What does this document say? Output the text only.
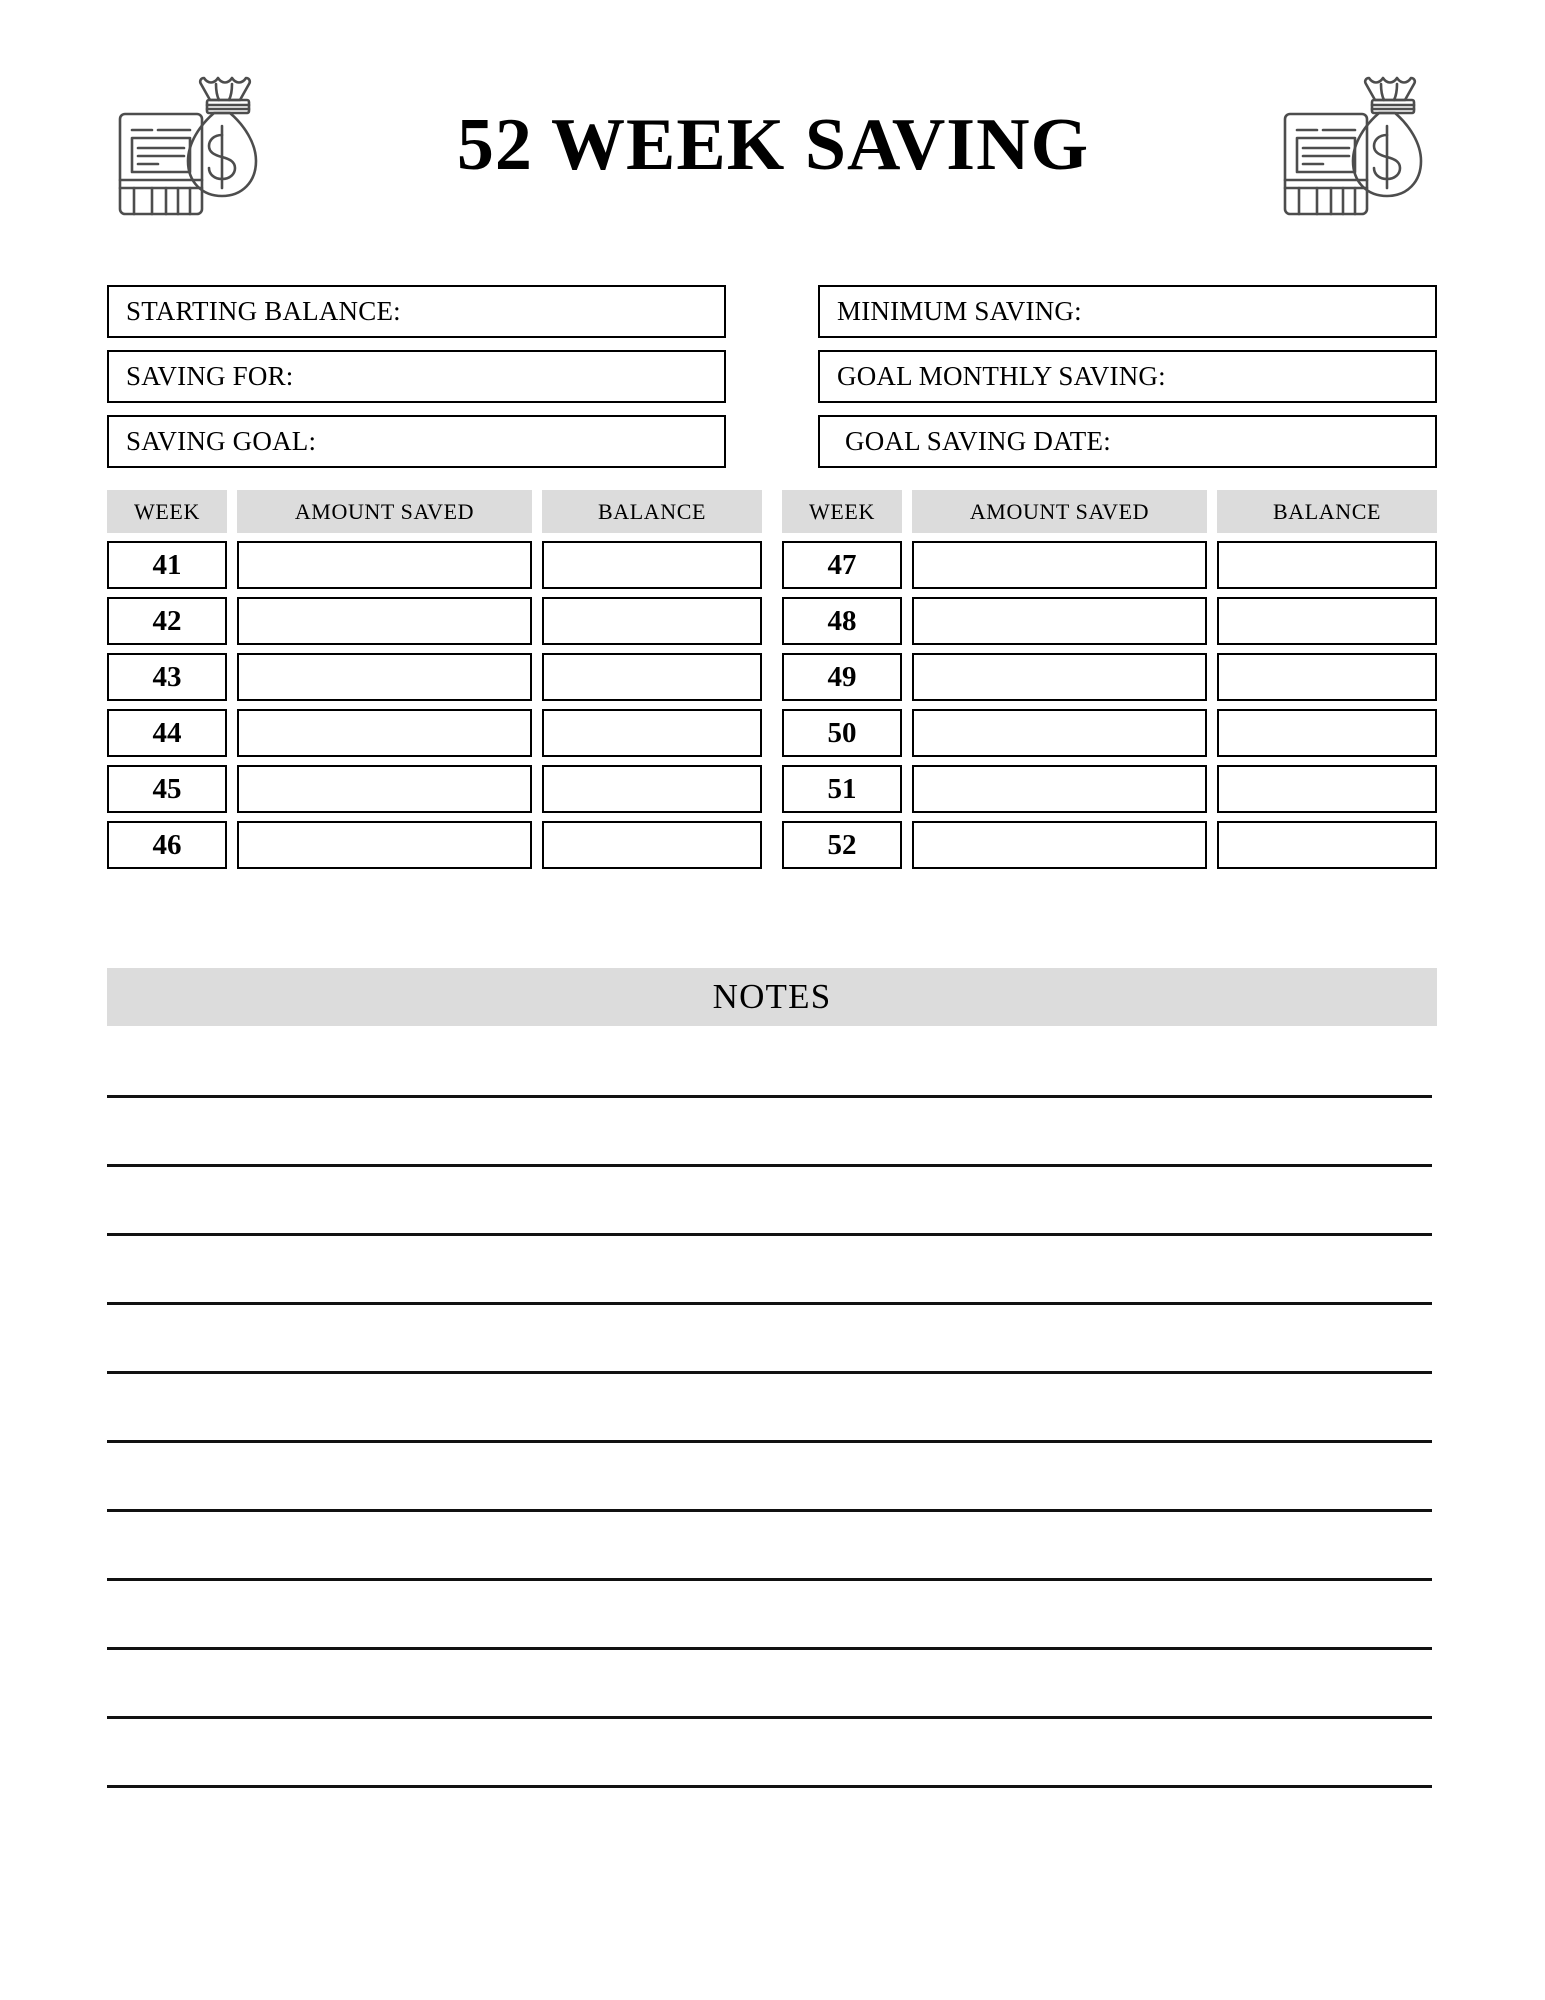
52 WEEK SAVING
STARTING BALANCE:	MINIMUM SAVING:
SAVING FOR:	GOAL MONTHLY SAVING:
SAVING GOAL:	GOAL SAVING DATE:
WEEK	AMOUNT SAVED	BALANCE
41
42
43
44
45
46
WEEK	AMOUNT SAVED	BALANCE
47
48
49
50
51
52
NOTES
